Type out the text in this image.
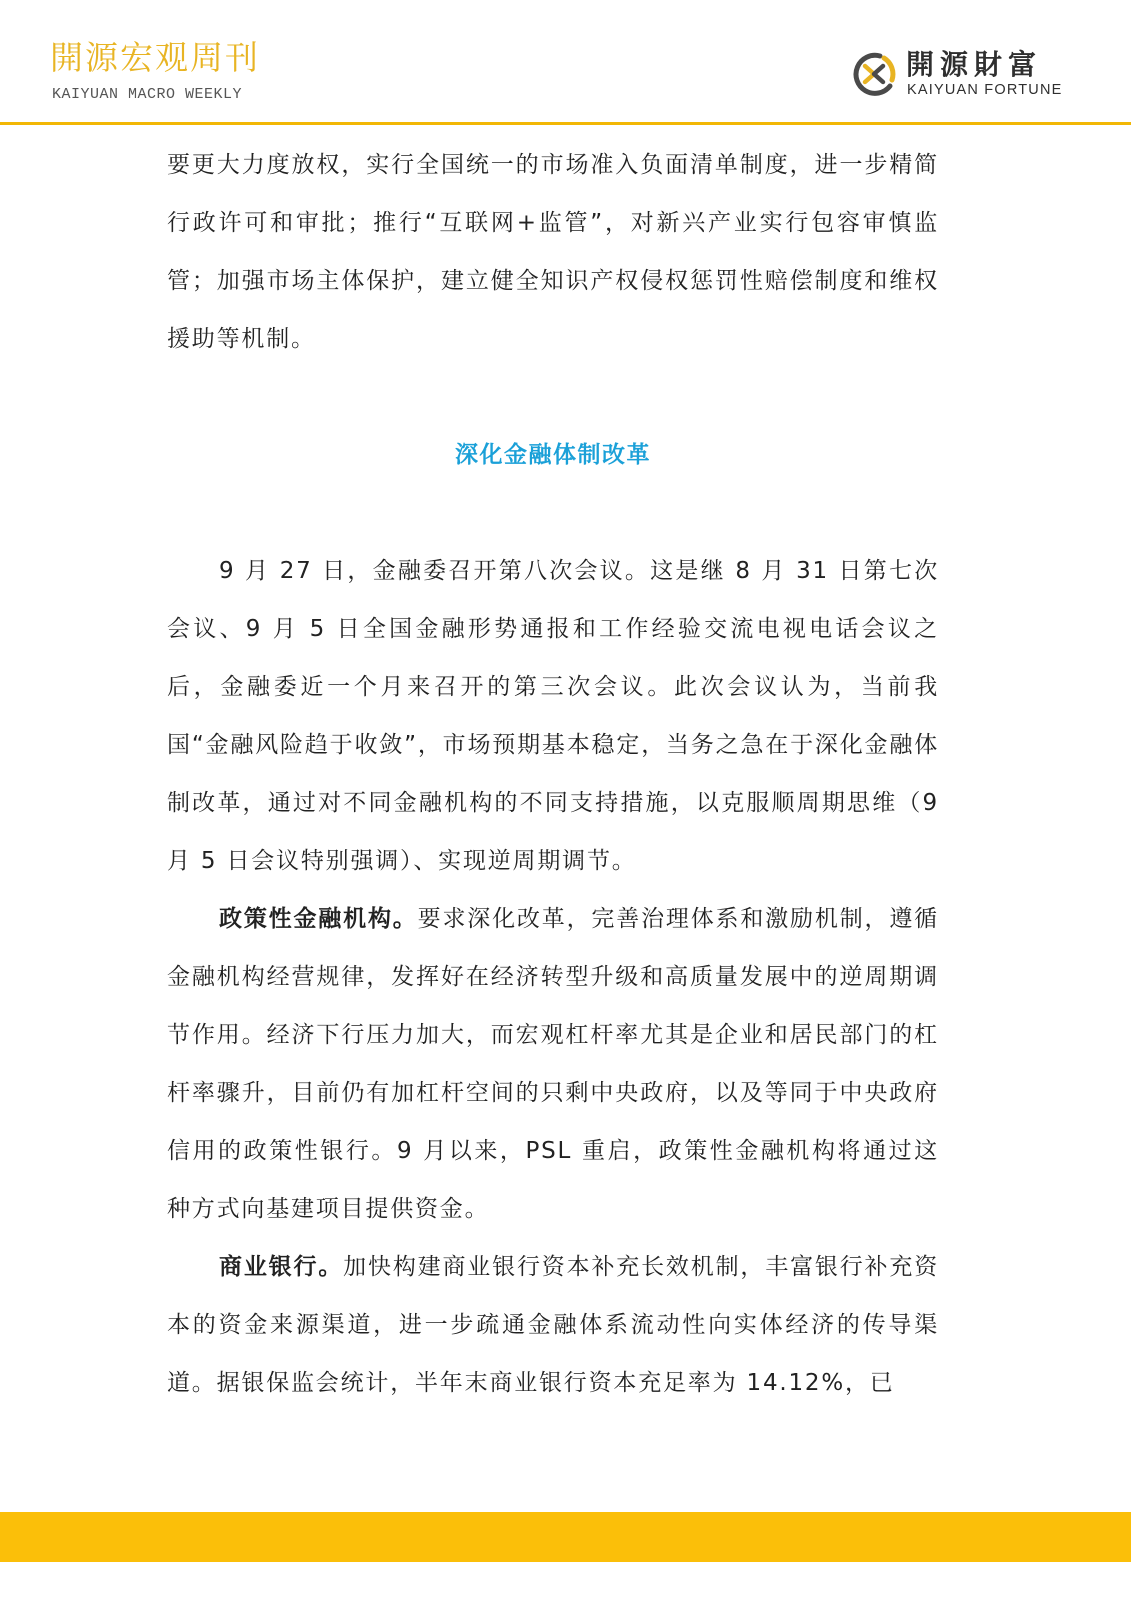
開源宏观周刊
KAIYUAN MACRO WEEKLY
開源財富
KAIYUAN FORTUNE

要更大力度放权，实行全国统一的市场准入负面清单制度，进一步精简行政许可和审批；推行“互联网+监管”，对新兴产业实行包容审慎监管；加强市场主体保护，建立健全知识产权侵权惩罚性赔偿制度和维权援助等机制。

深化金融体制改革

9 月 27 日，金融委召开第八次会议。这是继 8 月 31 日第七次会议、9 月 5 日全国金融形势通报和工作经验交流电视电话会议之后，金融委近一个月来召开的第三次会议。此次会议认为，当前我国“金融风险趋于收敛”，市场预期基本稳定，当务之急在于深化金融体制改革，通过对不同金融机构的不同支持措施，以克服顺周期思维（9 月 5 日会议特别强调）、实现逆周期调节。

政策性金融机构。要求深化改革，完善治理体系和激励机制，遵循金融机构经营规律，发挥好在经济转型升级和高质量发展中的逆周期调节作用。经济下行压力加大，而宏观杠杆率尤其是企业和居民部门的杠杆率骤升，目前仍有加杠杆空间的只剩中央政府，以及等同于中央政府信用的政策性银行。9 月以来，PSL 重启，政策性金融机构将通过这种方式向基建项目提供资金。

商业银行。加快构建商业银行资本补充长效机制，丰富银行补充资本的资金来源渠道，进一步疏通金融体系流动性向实体经济的传导渠道。据银保监会统计，半年末商业银行资本充足率为 14.12%，已
